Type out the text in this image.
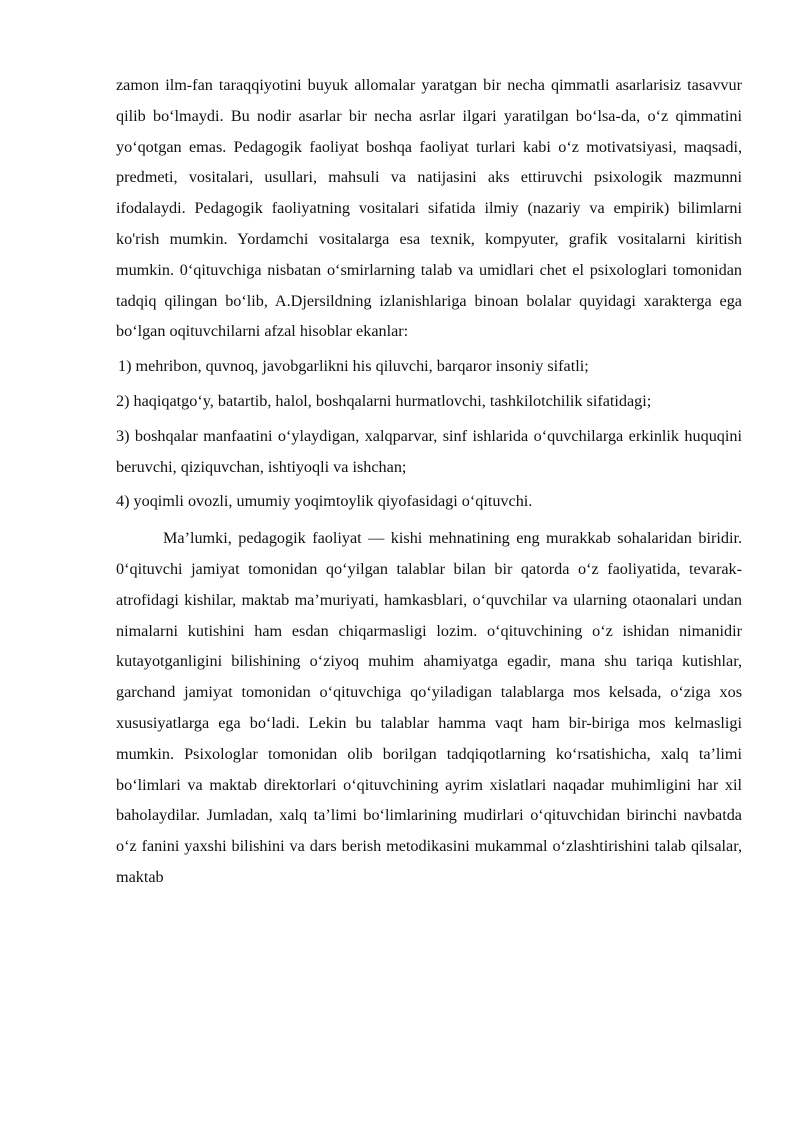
zamon ilm-fan taraqqiyotini buyuk allomalar yaratgan bir necha qimmatli asarlarisiz tasavvur qilib boʻlmaydi. Bu nodir asarlar bir necha asrlar ilgari yaratilgan boʻlsa-da, oʻz qimmatini yoʻqotgan emas. Pedagogik faoliyat boshqa faoliyat turlari kabi oʻz motivatsiyasi, maqsadi, predmeti, vositalari, usullari, mahsuli va natijasini aks ettiruvchi psixologik mazmunni ifodalaydi. Pedagogik faoliyatning vositalari sifatida ilmiy (nazariy va empirik) bilimlarni ko'rish mumkin. Yordamchi vositalarga esa texnik, kompyuter, grafik vositalarni kiritish mumkin. 0ʻqituvchiga nisbatan oʻsmirlarning talab va umidlari chet el psixologlari tomonidan tadqiq qilingan boʻlib, A.Djersildning izlanishlariga binoan bolalar quyidagi xarakterga ega boʻlgan oqituvchilarni afzal hisoblar ekanlar:

1) mehribon, quvnoq, javobgarlikni his qiluvchi, barqaror insoniy sifatli;

2) haqiqatgoʻy, batartib, halol, boshqalarni hurmatlovchi, tashkilotchilik sifatidagi;

3) boshqalar manfaatini oʻylaydigan, xalqparvar, sinf ishlarida oʻquvchilarga erkinlik huquqini beruvchi, qiziquvchan, ishtiyoqli va ishchan;

4) yoqimli ovozli, umumiy yoqimtoylik qiyofasidagi oʻqituvchi.

Ma’lumki, pedagogik faoliyat — kishi mehnatining eng murakkab sohalaridan biridir. 0ʻqituvchi jamiyat tomonidan qoʻyilgan talablar bilan bir qatorda oʻz faoliyatida, tevarak-atrofidagi kishilar, maktab ma’muriyati, hamkasblari, oʻquvchilar va ularning otaonalari undan nimalarni kutishini ham esdan chiqarmasligi lozim. oʻqituvchining oʻz ishidan nimanidir kutayotganligini bilishining oʻziyoq muhim ahamiyatga egadir, mana shu tariqa kutishlar, garchand jamiyat tomonidan oʻqituvchiga qoʻyiladigan talablarga mos kelsada, oʻziga xos xususiyatlarga ega boʻladi. Lekin bu talablar hamma vaqt ham bir-biriga mos kelmasligi mumkin. Psixologlar tomonidan olib borilgan tadqiqotlarning koʻrsatishicha, xalq ta’limi boʻlimlari va maktab direktorlari oʻqituvchining ayrim xislatlari naqadar muhimligini har xil baholaydilar. Jumladan, xalq ta’limi boʻlimlarining mudirlari oʻqituvchidan birinchi navbatda oʻz fanini yaxshi bilishini va dars berish metodikasini mukammal oʻzlashtirishini talab qilsalar, maktab
